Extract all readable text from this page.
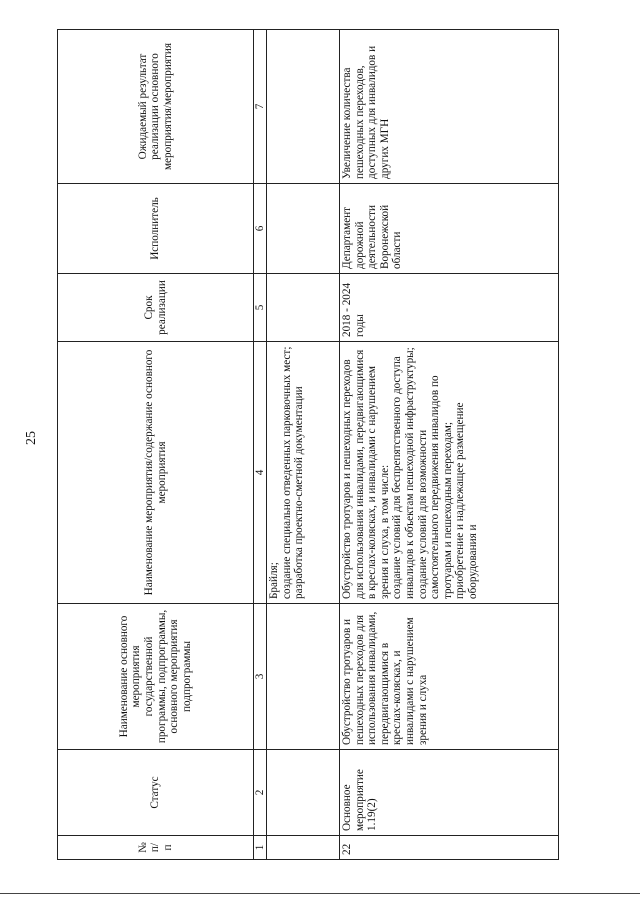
25
№
п/п	Статус	Наименование основного мероприятия государственной программы, подпрограммы, основного мероприятия подпрограммы	Наименование мероприятия/содержание основного мероприятия	Срок реализации	Исполнитель	Ожидаемый результат реализации основного мероприятия/мероприятия
1	2	3	4	5	6	7
			Брайля;
создание специально отведенных парковочных мест;
разработка проектно-сметной документации			
22	Основное мероприятие 1.19(2)	Обустройство тротуаров и пешеходных переходов для использования инвалидами, передвигающимися в креслах-колясках, и инвалидами с нарушением зрения и слуха	Обустройство тротуаров и пешеходных переходов для использования инвалидами, передвигающимися в креслах-колясках, и инвалидами с нарушением зрения и слуха, в том числе:
создание условий для беспрепятственного доступа инвалидов к объектам пешеходной инфраструктуры;
создание условий для возможности самостоятельного передвижения инвалидов по тротуарам и пешеходным переходам;
приобретение и надлежащее размещение оборудования и	2018 - 2024 годы	Департамент дорожной деятельности Воронежской области	Увеличение количества пешеходных переходов, доступных для инвалидов и других МГН
